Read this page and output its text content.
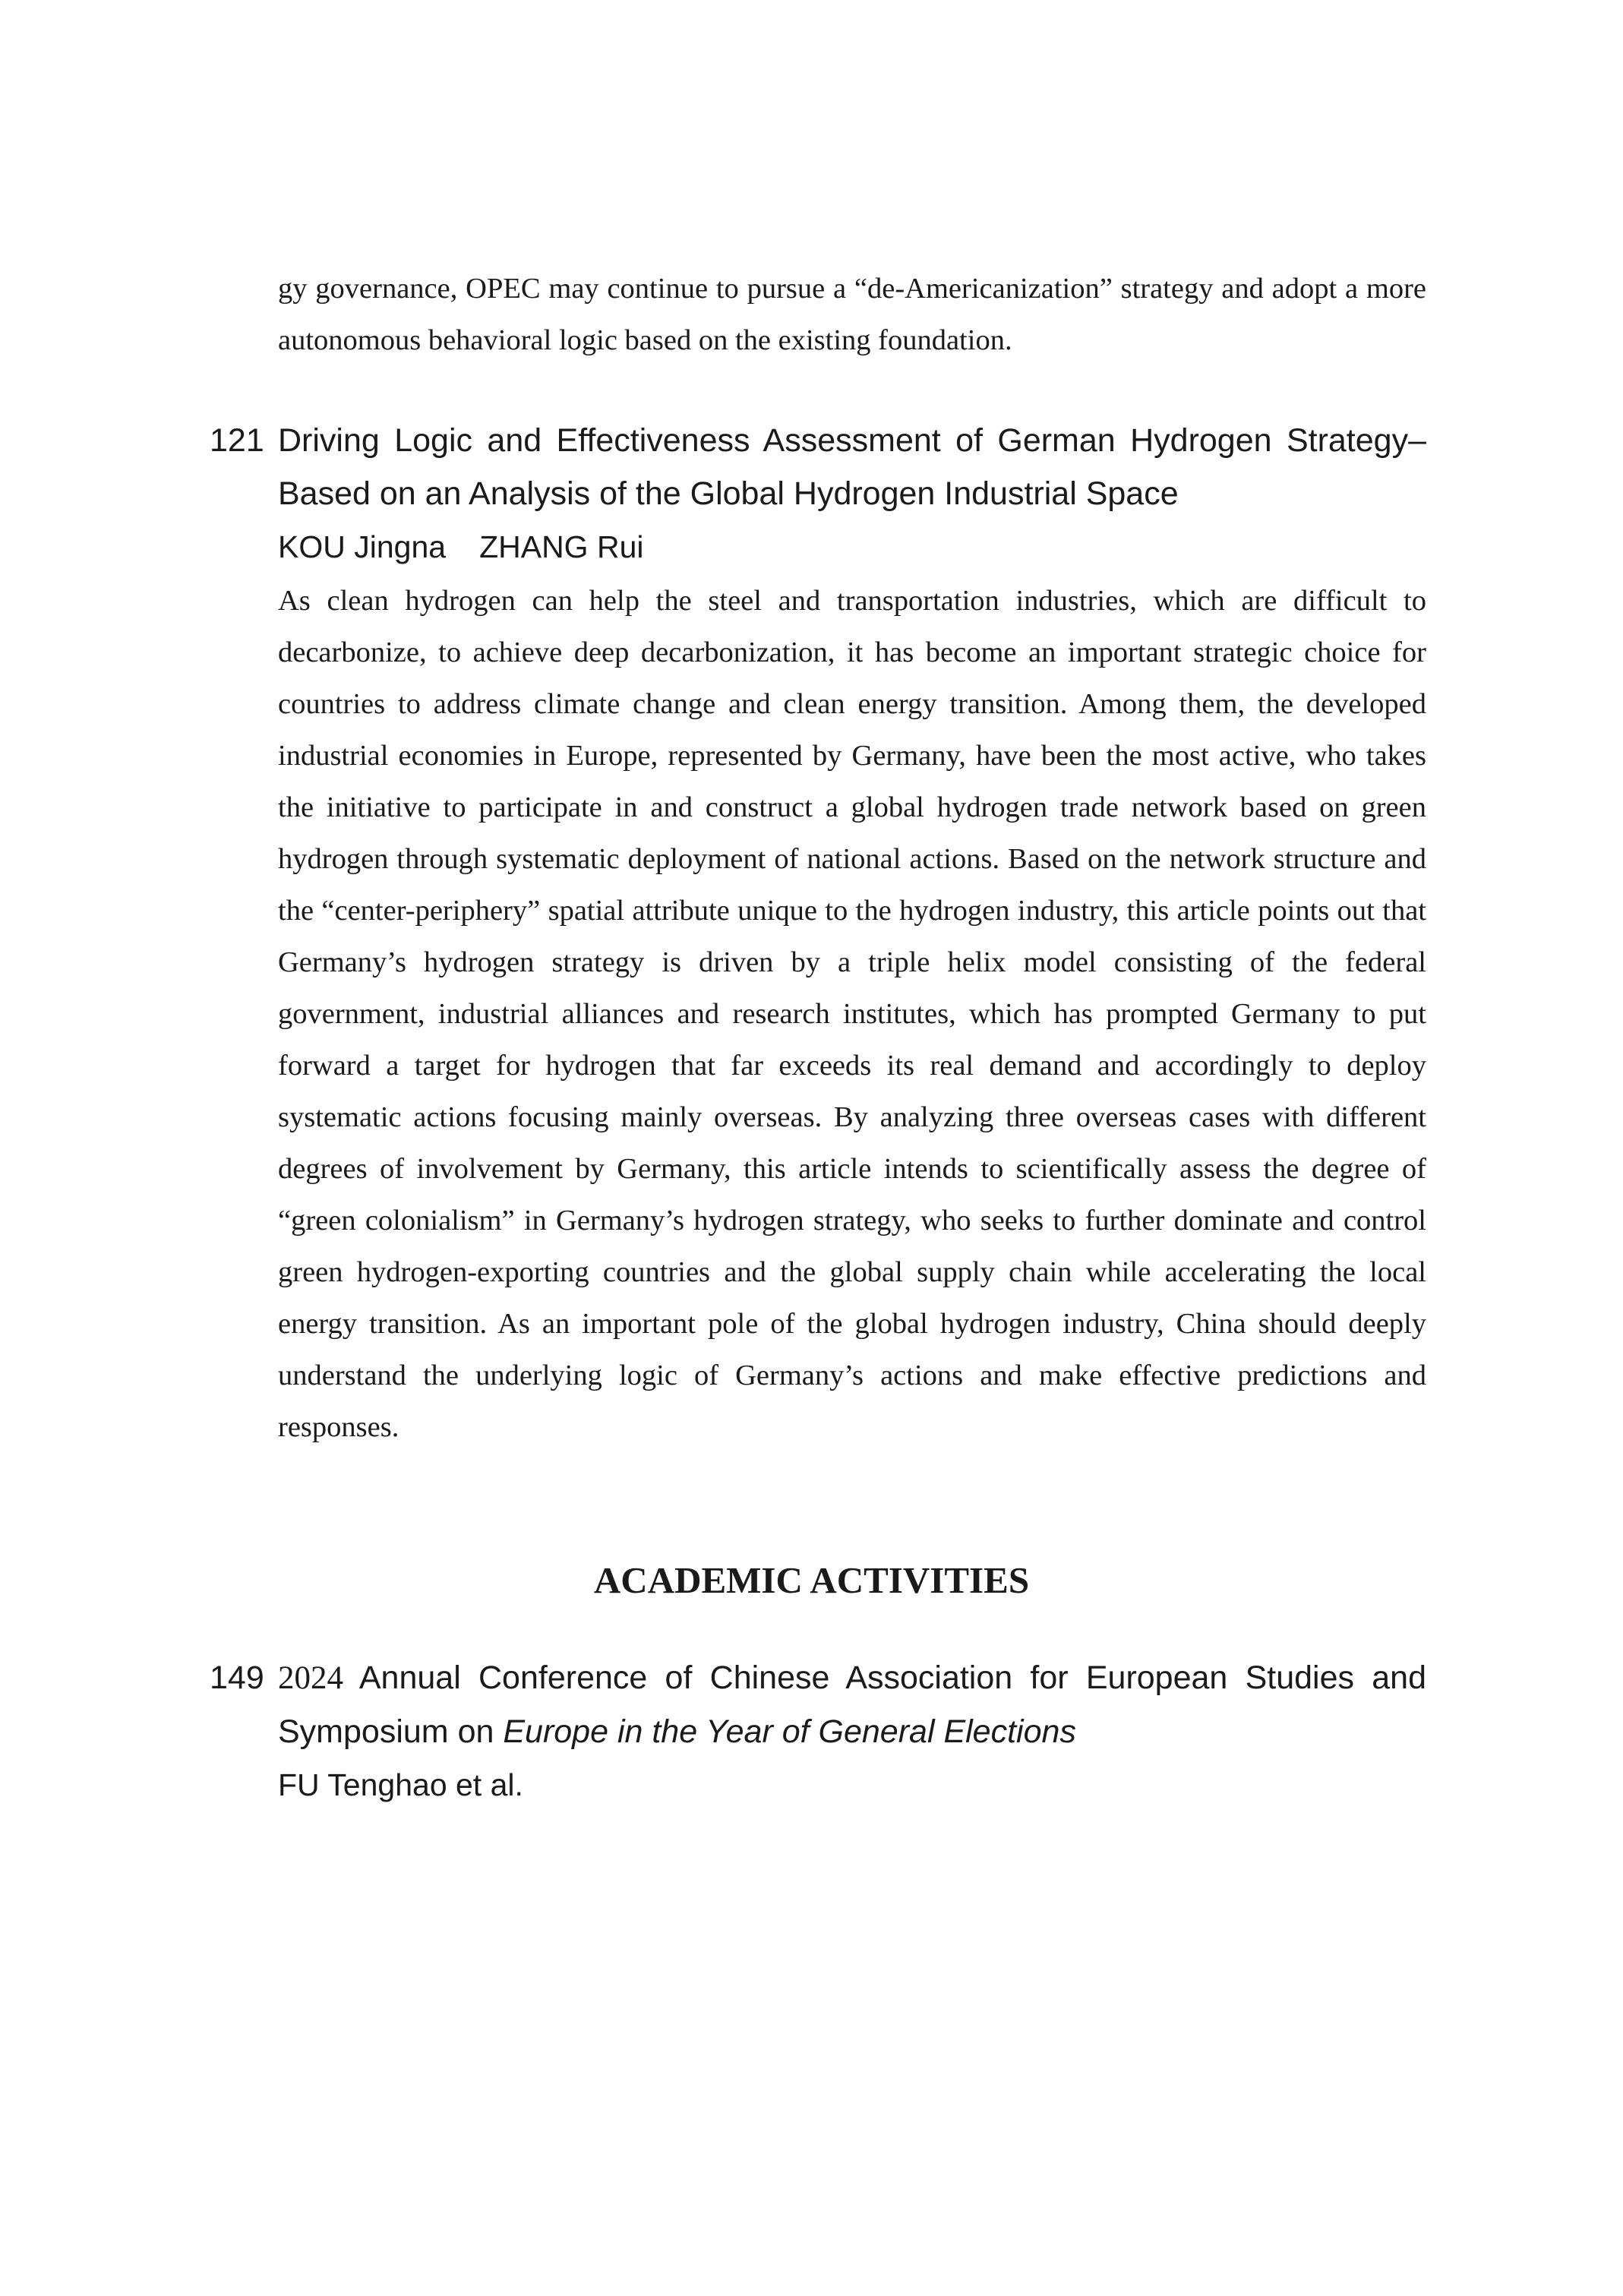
gy governance, OPEC may continue to pursue a “de-Americanization” strategy and adopt a more autonomous behavioral logic based on the existing foundation.

121 Driving Logic and Effectiveness Assessment of German Hydrogen Strategy– Based on an Analysis of the Global Hydrogen Industrial Space

KOU Jingna ZHANG Rui

As clean hydrogen can help the steel and transportation industries, which are difficult to decarbonize, to achieve deep decarbonization, it has become an important strategic choice for countries to address climate change and clean energy transition. Among them, the developed industrial economies in Europe, represented by Germany, have been the most active, who takes the initiative to participate in and construct a global hydrogen trade network based on green hydrogen through systematic deployment of national actions. Based on the network structure and the “center-periphery” spatial attribute unique to the hydrogen industry, this article points out that Germany’s hydrogen strategy is driven by a triple helix model consisting of the federal government, industrial alliances and research institutes, which has prompted Germany to put forward a target for hydrogen that far exceeds its real demand and accordingly to deploy systematic actions focusing mainly overseas. By analyzing three overseas cases with different degrees of involvement by Germany, this article intends to scientifically assess the degree of “green colonialism” in Germany’s hydrogen strategy, who seeks to further dominate and control green hydrogen-exporting countries and the global supply chain while accelerating the local energy transition. As an important pole of the global hydrogen industry, China should deeply understand the underlying logic of Germany’s actions and make effective predictions and responses.

ACADEMIC ACTIVITIES
149 2024 Annual Conference of Chinese Association for European Studies and Symposium on Europe in the Year of General Elections

FU Tenghao et al.
